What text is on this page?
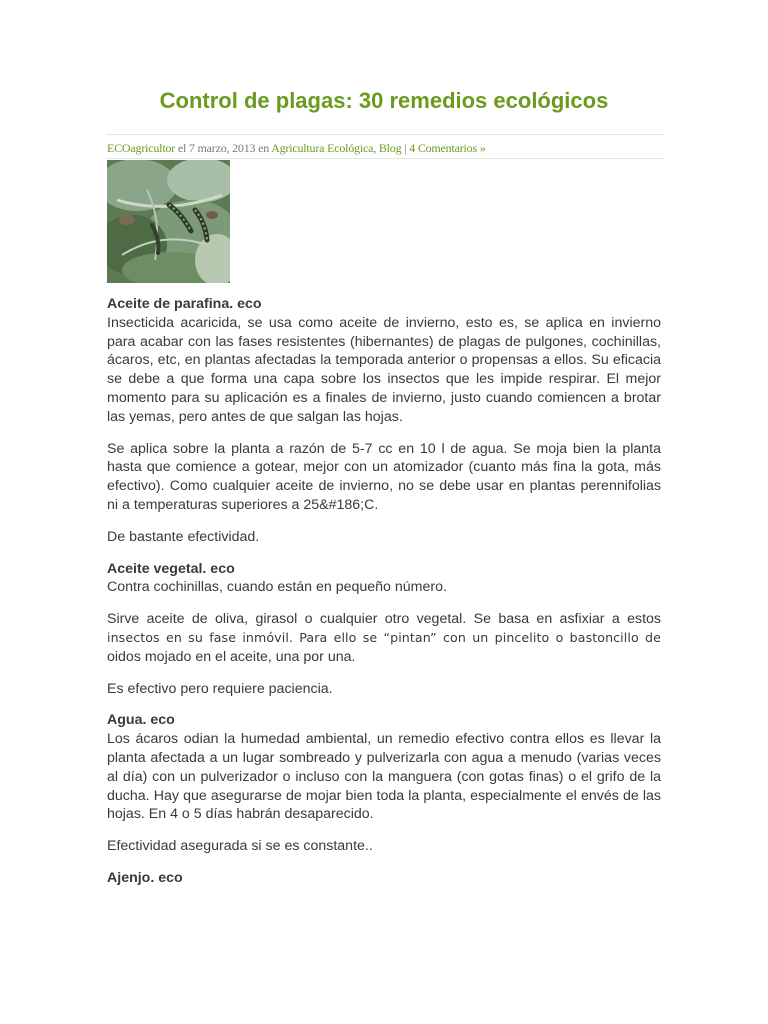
Control de plagas: 30 remedios ecológicos
ECOagricultor el 7 marzo, 2013 en Agricultura Ecológica, Blog | 4 Comentarios »

Aceite de parafina. eco
Insecticida acaricida, se usa como aceite de invierno, esto es, se aplica en invierno para acabar con las fases resistentes (hibernantes) de plagas de pulgones, cochinillas, ácaros, etc, en plantas afectadas la temporada anterior o propensas a ellos. Su eficacia se debe a que forma una capa sobre los insectos que les impide respirar. El mejor momento para su aplicación es a finales de invierno, justo cuando comiencen a brotar las yemas, pero antes de que salgan las hojas.

Se aplica sobre la planta a razón de 5-7 cc en 10 l de agua. Se moja bien la planta hasta que comience a gotear, mejor con un atomizador (cuanto más fina la gota, más efectivo). Como cualquier aceite de invierno, no se debe usar en plantas perennifolias ni a temperaturas superiores a 25&#186;C.

De bastante efectividad.

Aceite vegetal. eco
Contra cochinillas, cuando están en pequeño número.

Sirve aceite de oliva, girasol o cualquier otro vegetal. Se basa en asfixiar a estos
insectos en su fase inmóvil. Para ello se “pintan” con un pincelito o bastoncillo de
oidos mojado en el aceite, una por una.

Es efectivo pero requiere paciencia.

Agua. eco
Los ácaros odian la humedad ambiental, un remedio efectivo contra ellos es llevar la planta afectada a un lugar sombreado y pulverizarla con agua a menudo (varias veces al día) con un pulverizador o incluso con la manguera (con gotas finas) o el grifo de la ducha. Hay que asegurarse de mojar bien toda la planta, especialmente el envés de las hojas. En 4 o 5 días habrán desaparecido.

Efectividad asegurada si se es constante..

Ajenjo. eco
